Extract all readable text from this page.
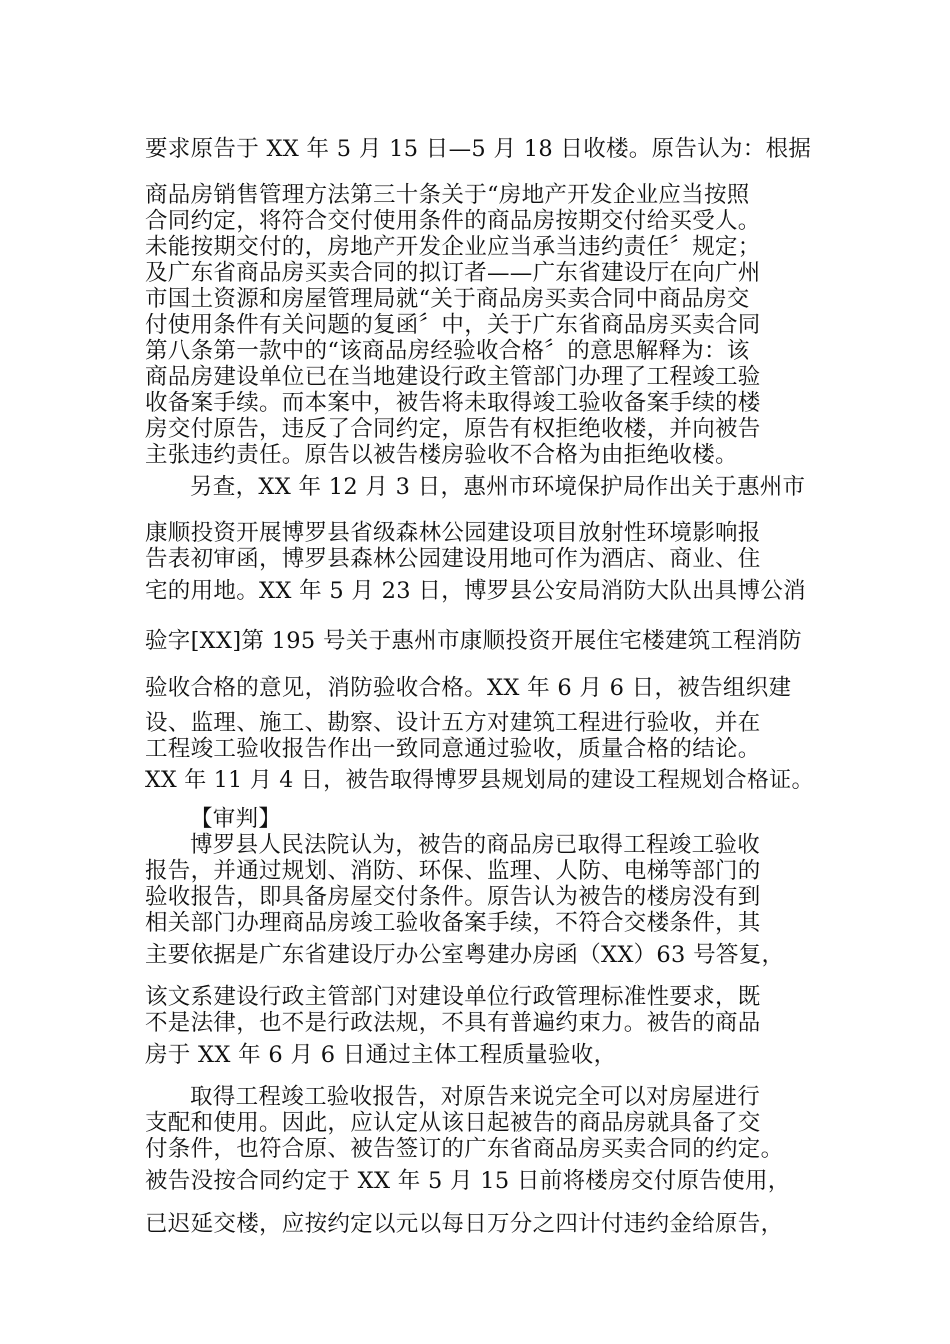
要求原告于 XX 年 5 月 15 日—5 月 18 日收楼。原告认为：根据
商品房销售管理方法第三十条关于“房地产开发企业应当按照
合同约定，将符合交付使用条件的商品房按期交付给买受人。
未能按期交付的，房地产开发企业应当承当违约责任〞规定；
及广东省商品房买卖合同的拟订者——广东省建设厅在向广州
市国土资源和房屋管理局就“关于商品房买卖合同中商品房交
付使用条件有关问题的复函〞中，关于广东省商品房买卖合同
第八条第一款中的“该商品房经验收合格〞的意思解释为：该
商品房建设单位已在当地建设行政主管部门办理了工程竣工验
收备案手续。而本案中，被告将未取得竣工验收备案手续的楼
房交付原告，违反了合同约定，原告有权拒绝收楼，并向被告
主张违约责任。原告以被告楼房验收不合格为由拒绝收楼。
另查，XX 年 12 月 3 日，惠州市环境保护局作出关于惠州市
康顺投资开展博罗县省级森林公园建设项目放射性环境影响报
告表初审函，博罗县森林公园建设用地可作为酒店、商业、住
宅的用地。XX 年 5 月 23 日，博罗县公安局消防大队出具博公消
验字[XX]第 195 号关于惠州市康顺投资开展住宅楼建筑工程消防
验收合格的意见，消防验收合格。XX 年 6 月 6 日，被告组织建
设、监理、施工、勘察、设计五方对建筑工程进行验收，并在
工程竣工验收报告作出一致同意通过验收，质量合格的结论。
XX 年 11 月 4 日，被告取得博罗县规划局的建设工程规划合格证。
【审判】
博罗县人民法院认为，被告的商品房已取得工程竣工验收
报告，并通过规划、消防、环保、监理、人防、电梯等部门的
验收报告，即具备房屋交付条件。原告认为被告的楼房没有到
相关部门办理商品房竣工验收备案手续，不符合交楼条件，其
主要依据是广东省建设厅办公室粤建办房函（XX）63 号答复，
该文系建设行政主管部门对建设单位行政管理标准性要求，既
不是法律，也不是行政法规，不具有普遍约束力。被告的商品
房于 XX 年 6 月 6 日通过主体工程质量验收，
取得工程竣工验收报告，对原告来说完全可以对房屋进行
支配和使用。因此，应认定从该日起被告的商品房就具备了交
付条件，也符合原、被告签订的广东省商品房买卖合同的约定。
被告没按合同约定于 XX 年 5 月 15 日前将楼房交付原告使用，
已迟延交楼，应按约定以元以每日万分之四计付违约金给原告，
